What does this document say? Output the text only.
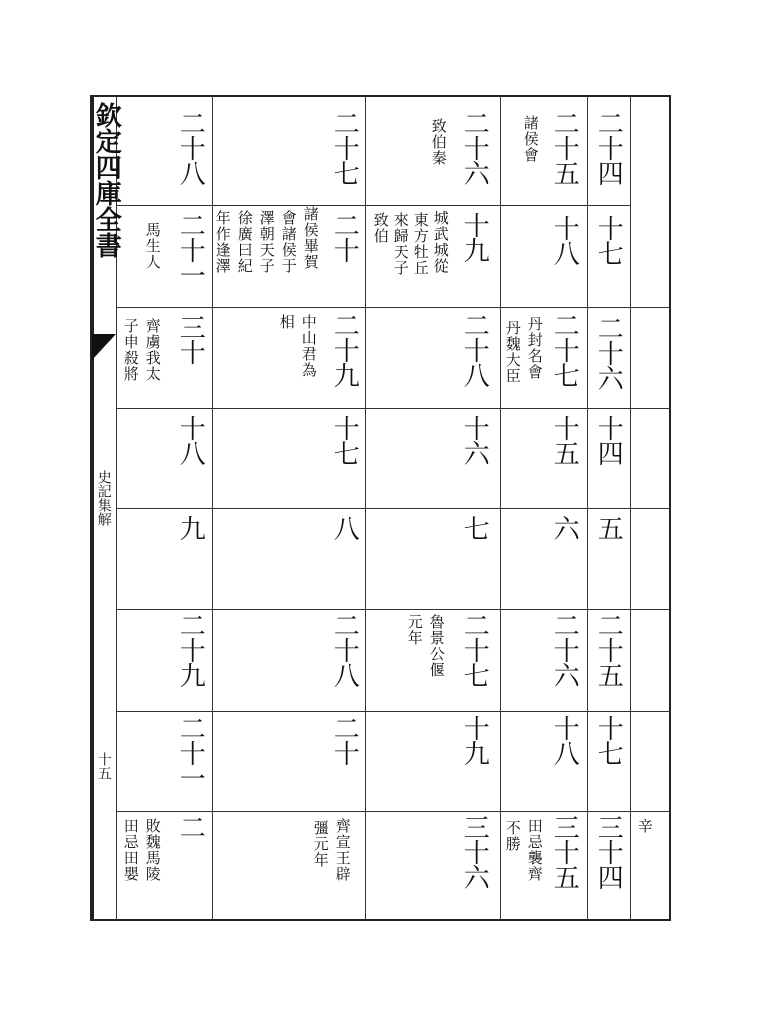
欽定四庫全書
史記集解
十五
二十四
十七
二十六
十四
五
二十五
十七
三十四
二十五
諸侯會
十八
二十七
丹封名會
丹魏大臣
十五
六
二十六
十八
三十五
田忌襲齊
不勝
二十六
致伯秦
十九
城武城從
東方牡丘
來歸天子
致伯
二十八
十六
七
二十七
魯景公偃
元年
十九
三十六
二十七
二十
諸侯畢賀
會諸侯于
澤朝天子
徐廣曰紀
年作逢澤
二十九
中山君為
相
十七
八
二十八
二十
齊宣王辟
彊元年
二十八
二十一
馬生人
三十
齊虜我太
子申殺將
十八
九
二十九
二十一
二
敗魏馬陵
田忌田嬰	辛
